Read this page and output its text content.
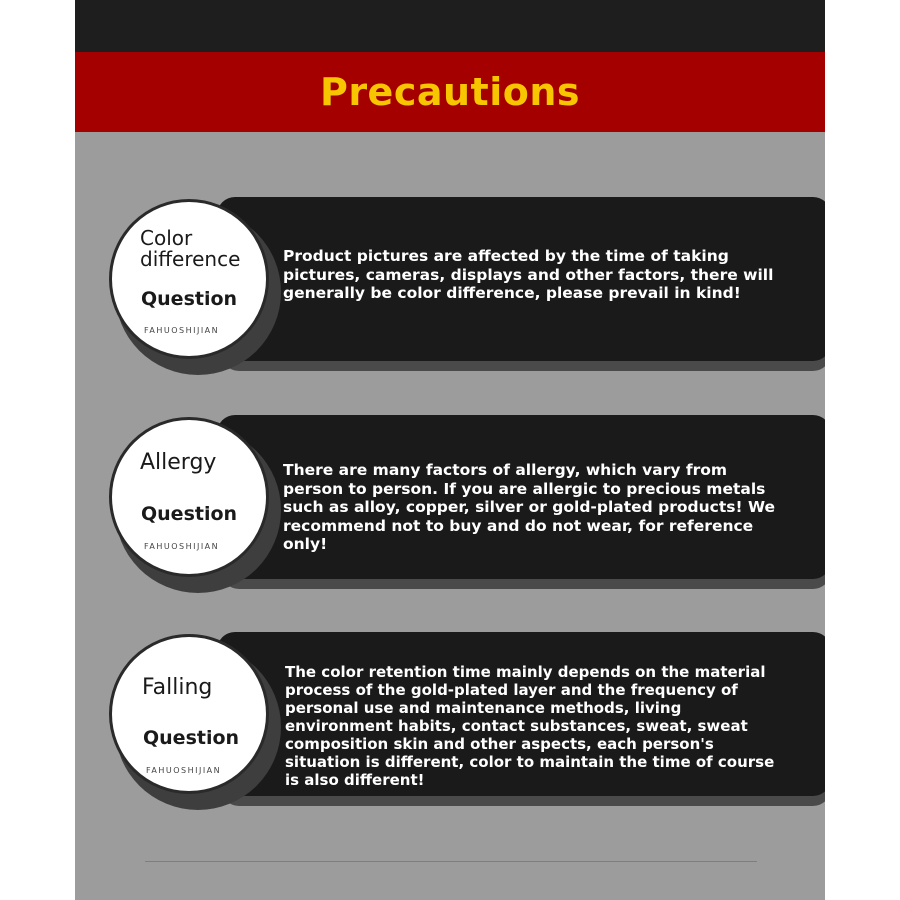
Precautions
Product pictures are affected by the time of taking pictures, cameras, displays and other factors, there will generally be color difference, please prevail in kind!
Color difference
Question
FAHUOSHIJIAN
There are many factors of allergy, which vary from person to person. If you are allergic to precious metals such as alloy, copper, silver or gold-plated products! We recommend not to buy and do not wear, for reference only!
Allergy
Question
FAHUOSHIJIAN
The color retention time mainly depends on the material process of the gold-plated layer and the frequency of personal use and maintenance methods, living environment habits, contact substances, sweat, sweat composition skin and other aspects, each person's situation is different, color to maintain the time of course is also different!
Falling
Question
FAHUOSHIJIAN
